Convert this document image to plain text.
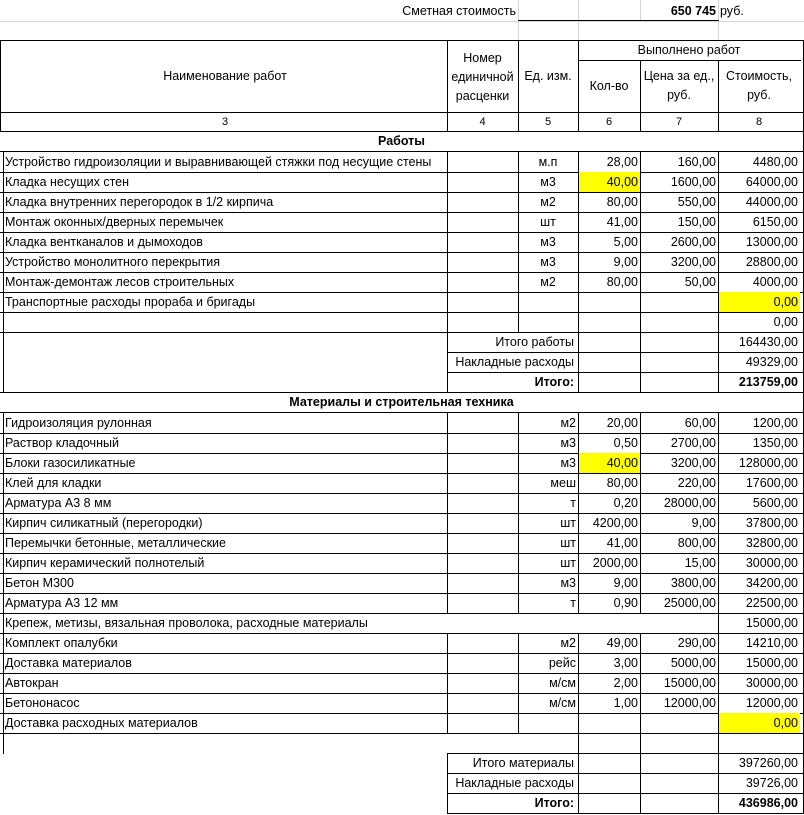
Сметная стоимость	650 745 руб.
Наименование работ
Номер единичной расценки
Ед. изм.
Выполнено работ
Кол-во
Цена за ед., руб.
Стоимость, руб.
3	4	5	6	7	8
Работы
Устройство гидроизоляции и выравнивающей стяжки под несущие стены	м.п	28,00	160,00	4480,00
Кладка несущих стен	м3	40,00	1600,00	64000,00
Кладка внутренних перегородок в 1/2 кирпича	м2	80,00	550,00	44000,00
Монтаж оконных/дверных перемычек	шт	41,00	150,00	6150,00
Кладка вентканалов и дымоходов	м3	5,00	2600,00	13000,00
Устройство монолитного перекрытия	м3	9,00	3200,00	28800,00
Монтаж-демонтаж лесов строительных	м2	80,00	50,00	4000,00
Транспортные расходы прораба и бригады	0,00
0,00
Итого работы	164430,00
Накладные расходы	49329,00
Итого:	213759,00
Материалы и строительная техника
Гидроизоляция рулонная	м2	20,00	60,00	1200,00
Раствор кладочный	м3	0,50	2700,00	1350,00
Блоки газосиликатные	м3	40,00	3200,00	128000,00
Клей для кладки	меш	80,00	220,00	17600,00
Арматура А3 8 мм	т	0,20	28000,00	5600,00
Кирпич силикатный (перегородки)	шт	4200,00	9,00	37800,00
Перемычки бетонные, металлические	шт	41,00	800,00	32800,00
Кирпич керамический полнотелый	шт	2000,00	15,00	30000,00
Бетон М300	м3	9,00	3800,00	34200,00
Арматура А3 12 мм	т	0,90	25000,00	22500,00
Крепеж, метизы, вязальная проволока, расходные материалы	15000,00
Комплект опалубки	м2	49,00	290,00	14210,00
Доставка материалов	рейс	3,00	5000,00	15000,00
Автокран	м/см	2,00	15000,00	30000,00
Бетононасос	м/см	1,00	12000,00	12000,00
Доставка расходных материалов	0,00
Итого материалы	397260,00
Накладные расходы	39726,00
Итого:	436986,00
